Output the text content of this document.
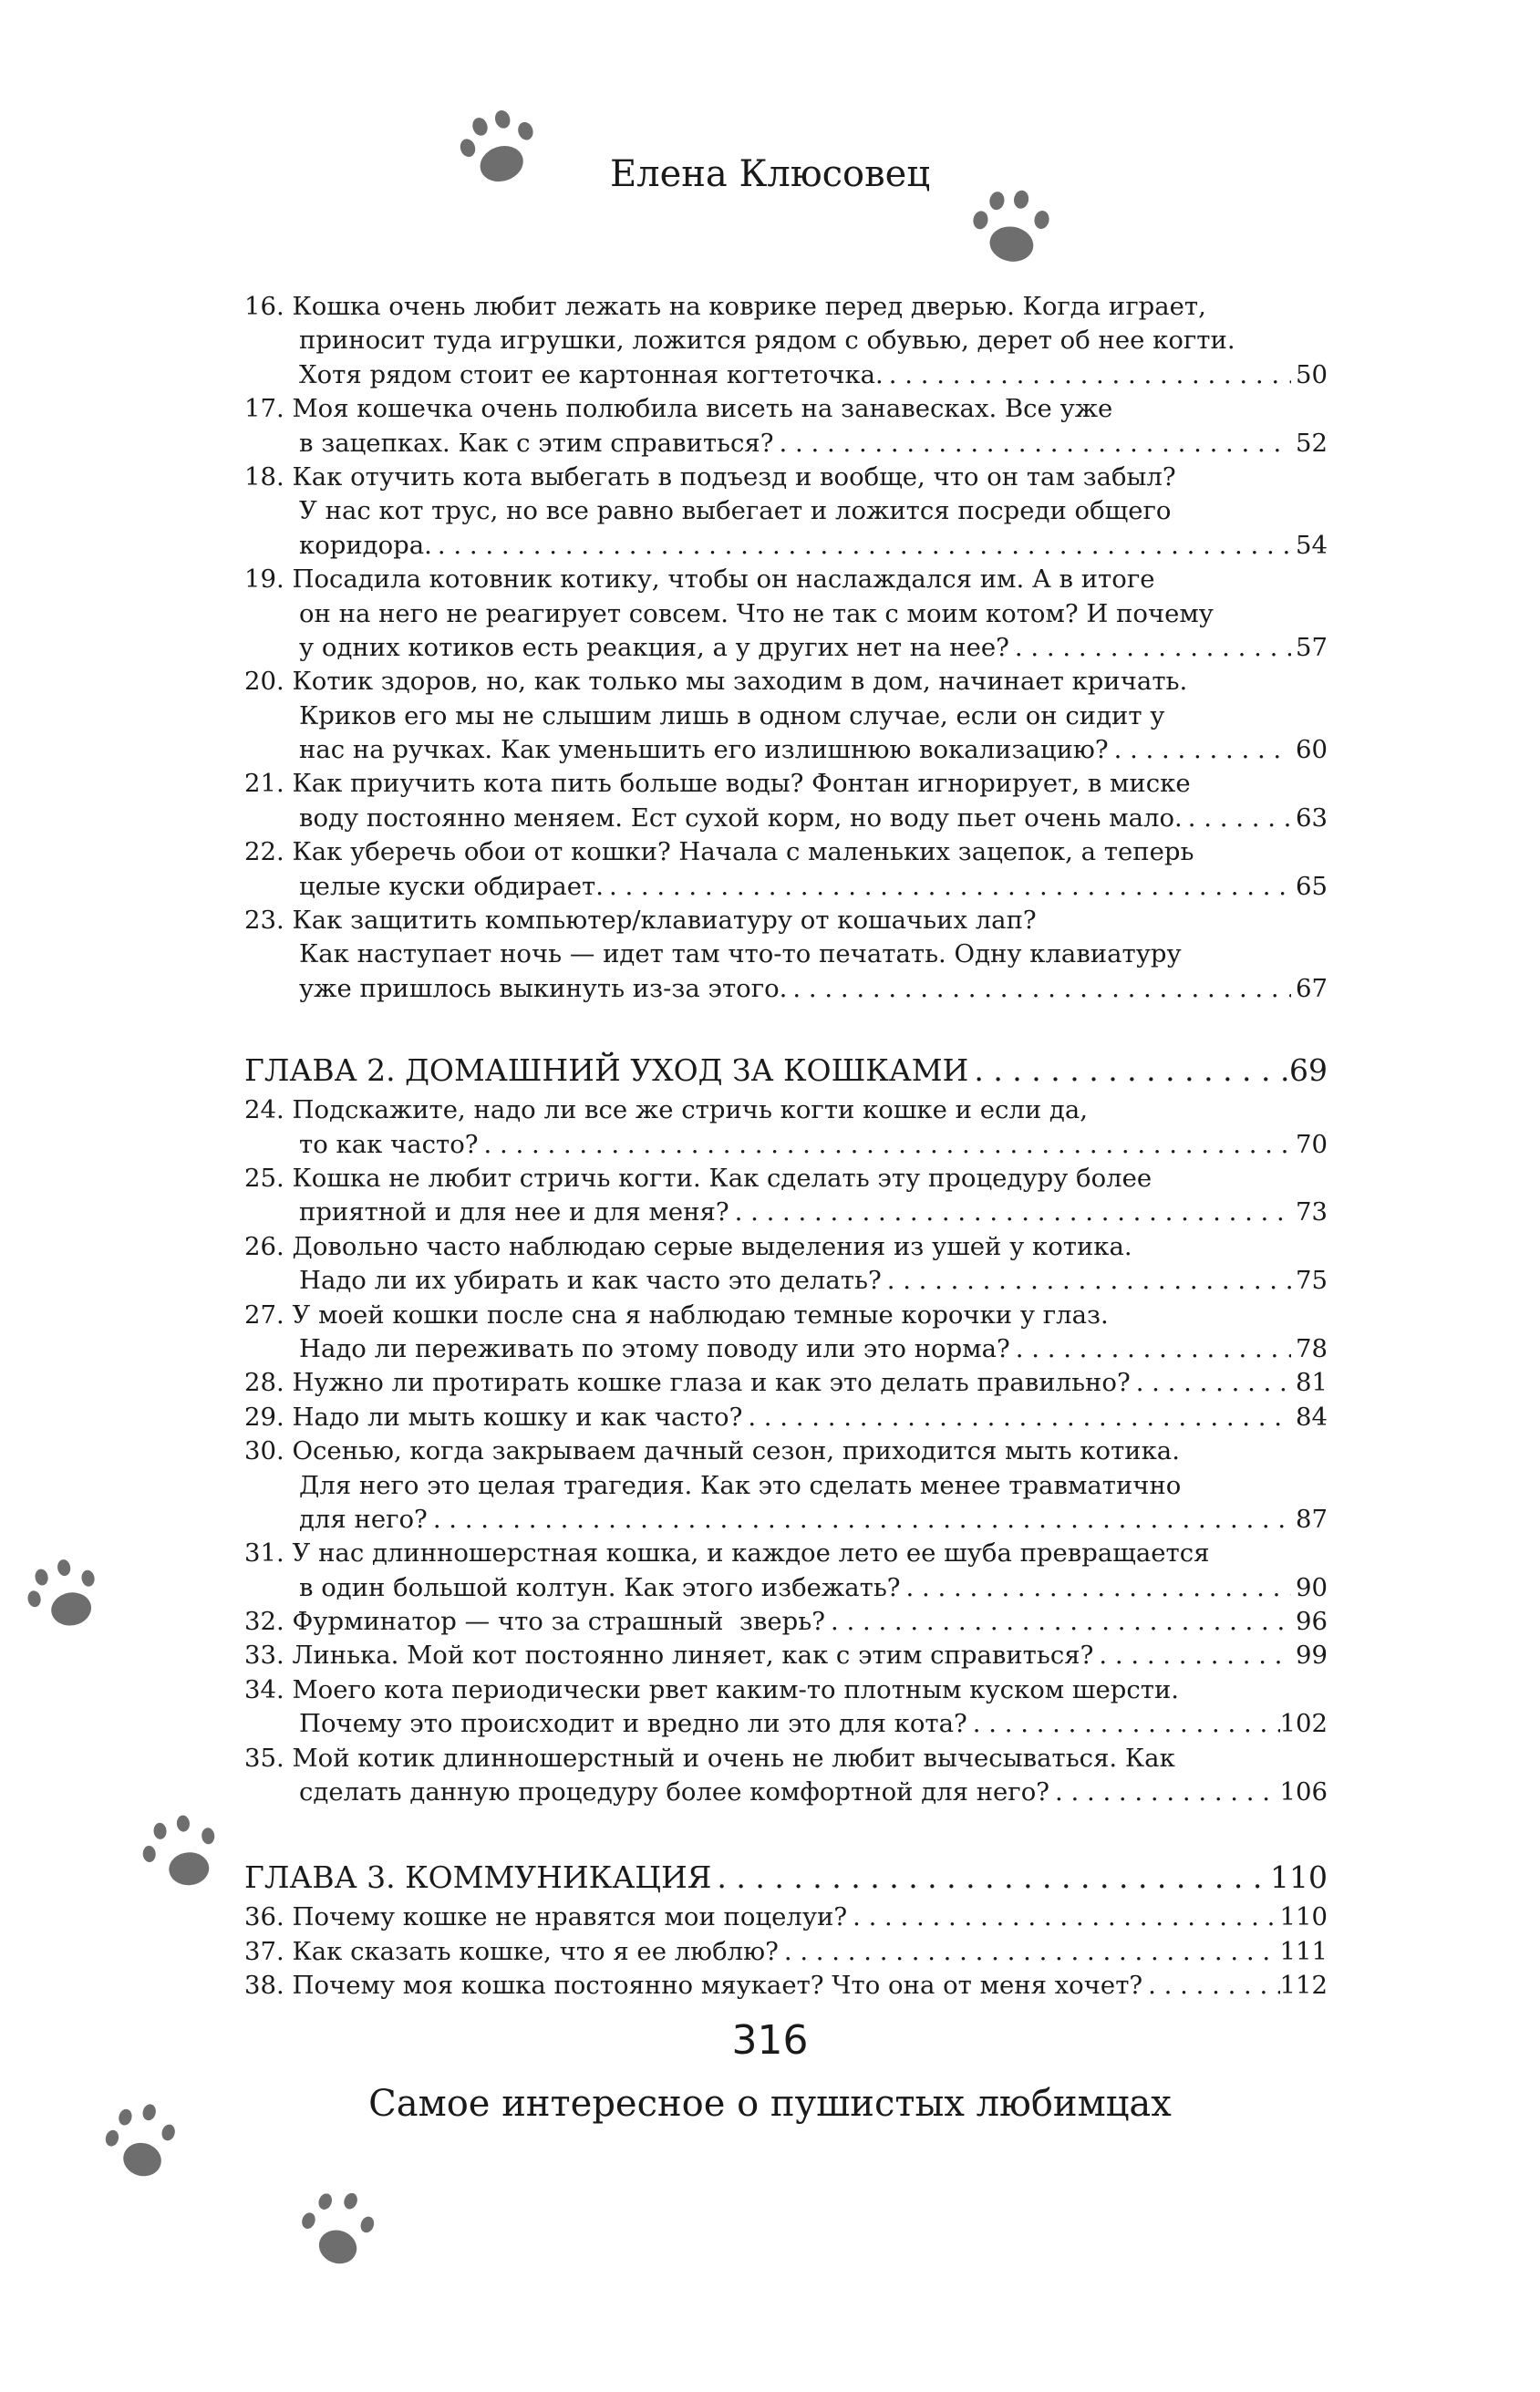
Елена Клюсовец
16. Кошка очень любит лежать на коврике перед дверью. Когда играет,
приносит туда игрушки, ложится рядом с обувью, дерет об нее когти.
Хотя рядом стоит ее картонная когтеточка. . . .	50
17. Моя кошечка очень полюбила висеть на занавесках. Все уже
в зацепках. Как с этим справиться? . . .	52
18. Как отучить кота выбегать в подъезд и вообще, что он там забыл?
У нас кот трус, но все равно выбегает и ложится посреди общего
коридора. . . .	54
19. Посадила котовник котику, чтобы он наслаждался им. А в итоге
он на него не реагирует совсем. Что не так с моим котом? И почему
у одних котиков есть реакция, а у других нет на нее? . . .	57
20. Котик здоров, но, как только мы заходим в дом, начинает кричать.
Криков его мы не слышим лишь в одном случае, если он сидит у
нас на ручках. Как уменьшить его излишнюю вокализацию? . . .	60
21. Как приучить кота пить больше воды? Фонтан игнорирует, в миске
воду постоянно меняем. Ест сухой корм, но воду пьет очень мало. . . .	63
22. Как уберечь обои от кошки? Начала с маленьких зацепок, а теперь
целые куски обдирает. . . .	65
23. Как защитить компьютер/клавиатуру от кошачьих лап?
Как наступает ночь — идет там что-то печатать. Одну клавиатуру
уже пришлось выкинуть из-за этого. . . .	67
ГЛАВА 2. ДОМАШНИЙ УХОД ЗА КОШКАМИ . . .	69
24. Подскажите, надо ли все же стричь когти кошке и если да,
то как часто? . . .	70
25. Кошка не любит стричь когти. Как сделать эту процедуру более
приятной и для нее и для меня? . . .	73
26. Довольно часто наблюдаю серые выделения из ушей у котика.
Надо ли их убирать и как часто это делать? . . .	75
27. У моей кошки после сна я наблюдаю темные корочки у глаз.
Надо ли переживать по этому поводу или это норма? . . .	78
28. Нужно ли протирать кошке глаза и как это делать правильно? . . .	81
29. Надо ли мыть кошку и как часто? . . .	84
30. Осенью, когда закрываем дачный сезон, приходится мыть котика.
Для него это целая трагедия. Как это сделать менее травматично
для него? . . .	87
31. У нас длинношерстная кошка, и каждое лето ее шуба превращается
в один большой колтун. Как этого избежать? . . .	90
32. Фурминатор — что за страшный  зверь? . . .	96
33. Линька. Мой кот постоянно линяет, как с этим справиться? . . .	99
34. Моего кота периодически рвет каким-то плотным куском шерсти.
Почему это происходит и вредно ли это для кота? . . .	102
35. Мой котик длинношерстный и очень не любит вычесываться. Как
сделать данную процедуру более комфортной для него? . . .	106
ГЛАВА 3. КОММУНИКАЦИЯ . . .	110
36. Почему кошке не нравятся мои поцелуи? . . .	110
37. Как сказать кошке, что я ее люблю? . . .	111
38. Почему моя кошка постоянно мяукает? Что она от меня хочет? . . .	112
316
Самое интересное о пушистых любимцах
